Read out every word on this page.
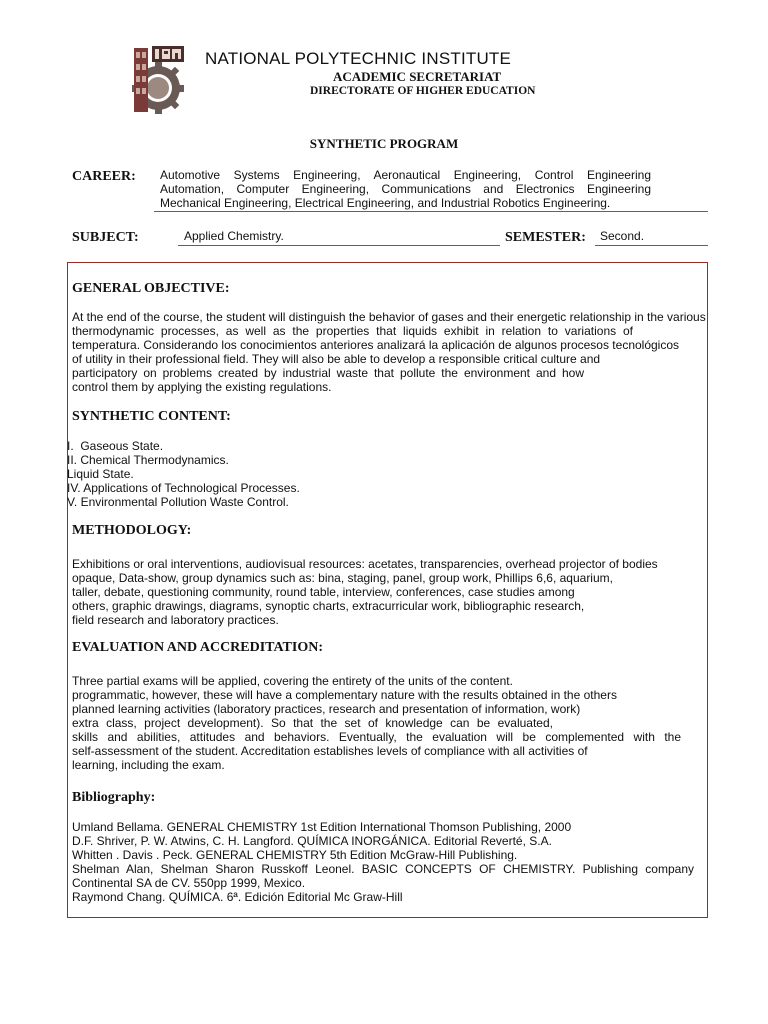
NATIONAL POLYTECHNIC INSTITUTE
ACADEMIC SECRETARIAT
DIRECTORATE OF HIGHER EDUCATION
SYNTHETIC PROGRAM
CAREER: Automotive Systems Engineering, Aeronautical Engineering, Control Engineering
Automation, Computer Engineering, Communications and Electronics Engineering
Mechanical Engineering, Electrical Engineering, and Industrial Robotics Engineering.
SUBJECT:	Applied Chemistry.	SEMESTER: Second.
GENERAL OBJECTIVE:
At the end of the course, the student will distinguish the behavior of gases and their energetic relationship in the various
thermodynamic processes, as well as the properties that liquids exhibit in relation to variations of
temperatura. Considerando los conocimientos anteriores analizará la aplicación de algunos procesos tecnológicos
of utility in their professional field. They will also be able to develop a responsible critical culture and
participatory on problems created by industrial waste that pollute the environment and how
control them by applying the existing regulations.
SYNTHETIC CONTENT:
I.  Gaseous State.
II. Chemical Thermodynamics.
Liquid State.
IV. Applications of Technological Processes.
V. Environmental Pollution Waste Control.
METHODOLOGY:
Exhibitions or oral interventions, audiovisual resources: acetates, transparencies, overhead projector of bodies
opaque, Data-show, group dynamics such as: bina, staging, panel, group work, Phillips 6,6, aquarium,
taller, debate, questioning community, round table, interview, conferences, case studies among
others, graphic drawings, diagrams, synoptic charts, extracurricular work, bibliographic research,
field research and laboratory practices.
EVALUATION AND ACCREDITATION:
Three partial exams will be applied, covering the entirety of the units of the content.
programmatic, however, these will have a complementary nature with the results obtained in the others
planned learning activities (laboratory practices, research and presentation of information, work)
extra class, project development). So that the set of knowledge can be evaluated,
skills and abilities, attitudes and behaviors. Eventually, the evaluation will be complemented with the
self-assessment of the student. Accreditation establishes levels of compliance with all activities of
learning, including the exam.
Bibliography:
Umland Bellama. GENERAL CHEMISTRY 1st Edition International Thomson Publishing, 2000
D.F. Shriver, P. W. Atwins, C. H. Langford. QUÍMICA INORGÁNICA. Editorial Reverté, S.A.
Whitten . Davis . Peck. GENERAL CHEMISTRY 5th Edition McGraw-Hill Publishing.
Shelman Alan, Shelman Sharon Russkoff Leonel. BASIC CONCEPTS OF CHEMISTRY. Publishing company
Continental SA de CV. 550pp 1999, Mexico.
Raymond Chang. QUÍMICA. 6ª. Edición Editorial Mc Graw-Hill
